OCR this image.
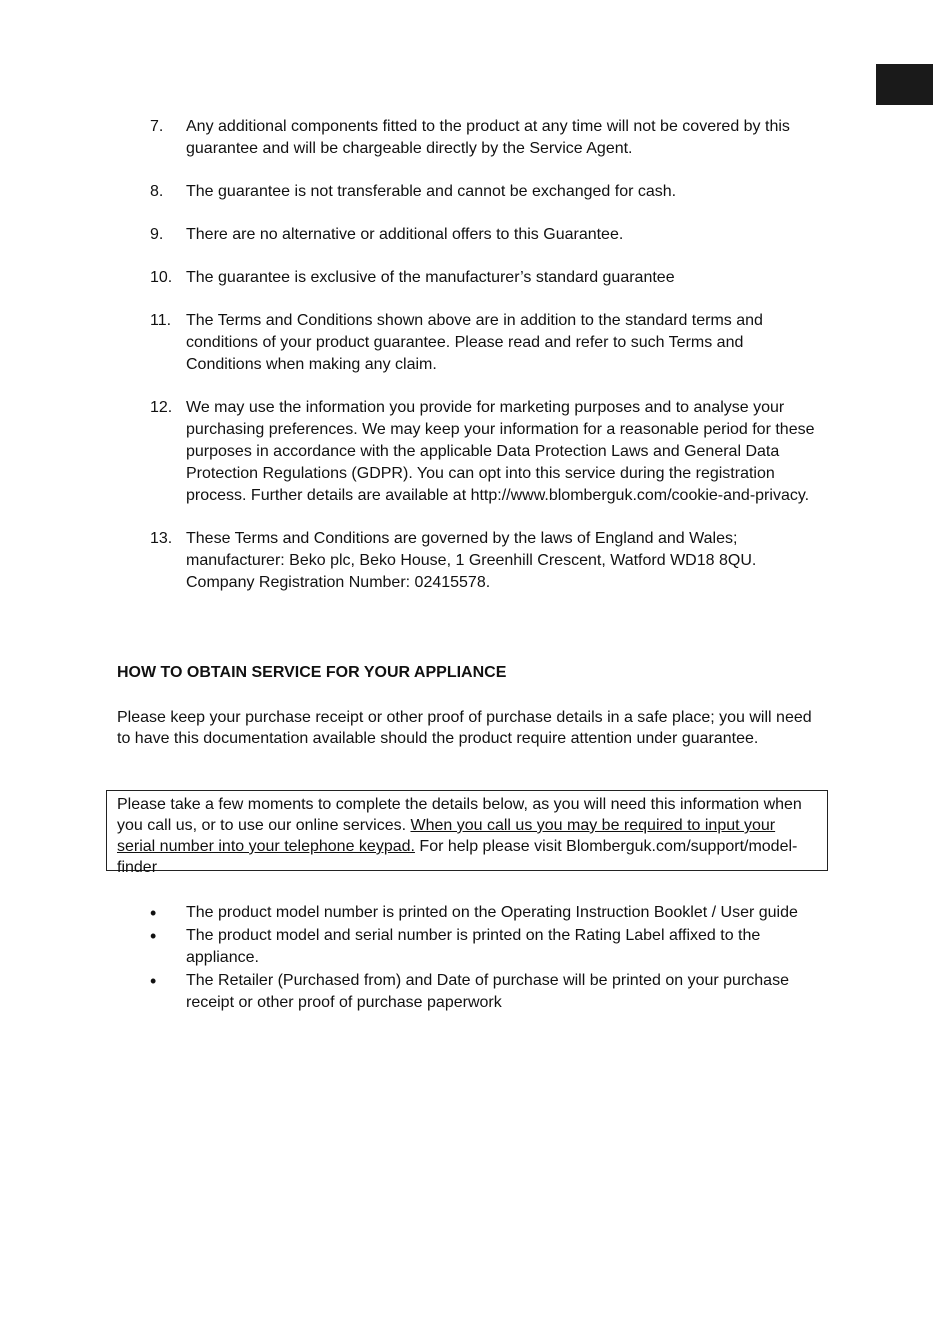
7.	Any additional components fitted to the product at any time will not be covered by this guarantee and will be chargeable directly by the Service Agent.
8.	The guarantee is not transferable and cannot be exchanged for cash.
9.	There are no alternative or additional offers to this Guarantee.
10. The guarantee is exclusive of the manufacturer’s standard guarantee
11. The Terms and Conditions shown above are in addition to the standard terms and conditions of your product guarantee. Please read and refer to such Terms and Conditions when making any claim.
12. We may use the information you provide for marketing purposes and to analyse your purchasing preferences. We may keep your information for a reasonable period for these purposes in accordance with the applicable Data Protection Laws and General Data Protection Regulations (GDPR). You can opt into this service during the registration process. Further details are available at http://www.blomberguk.com/cookie-and-privacy.
13. These Terms and Conditions are governed by the laws of England and Wales; manufacturer: Beko plc, Beko House, 1 Greenhill Crescent, Watford WD18 8QU. Company Registration Number: 02415578.
HOW TO OBTAIN SERVICE FOR YOUR APPLIANCE

Please keep your purchase receipt or other proof of purchase details in a safe place; you will need to have this documentation available should the product require attention under guarantee.

Please take a few moments to complete the details below, as you will need this information when you call us, or to use our online services. When you call us you may be required to input your serial number into your telephone keypad. For help please visit Blomberguk.com/support/model-finder
•	The product model number is printed on the Operating Instruction Booklet / User guide
•	The product model and serial number is printed on the Rating Label affixed to the appliance.
•	The Retailer (Purchased from) and Date of purchase will be printed on your purchase receipt or other proof of purchase paperwork
